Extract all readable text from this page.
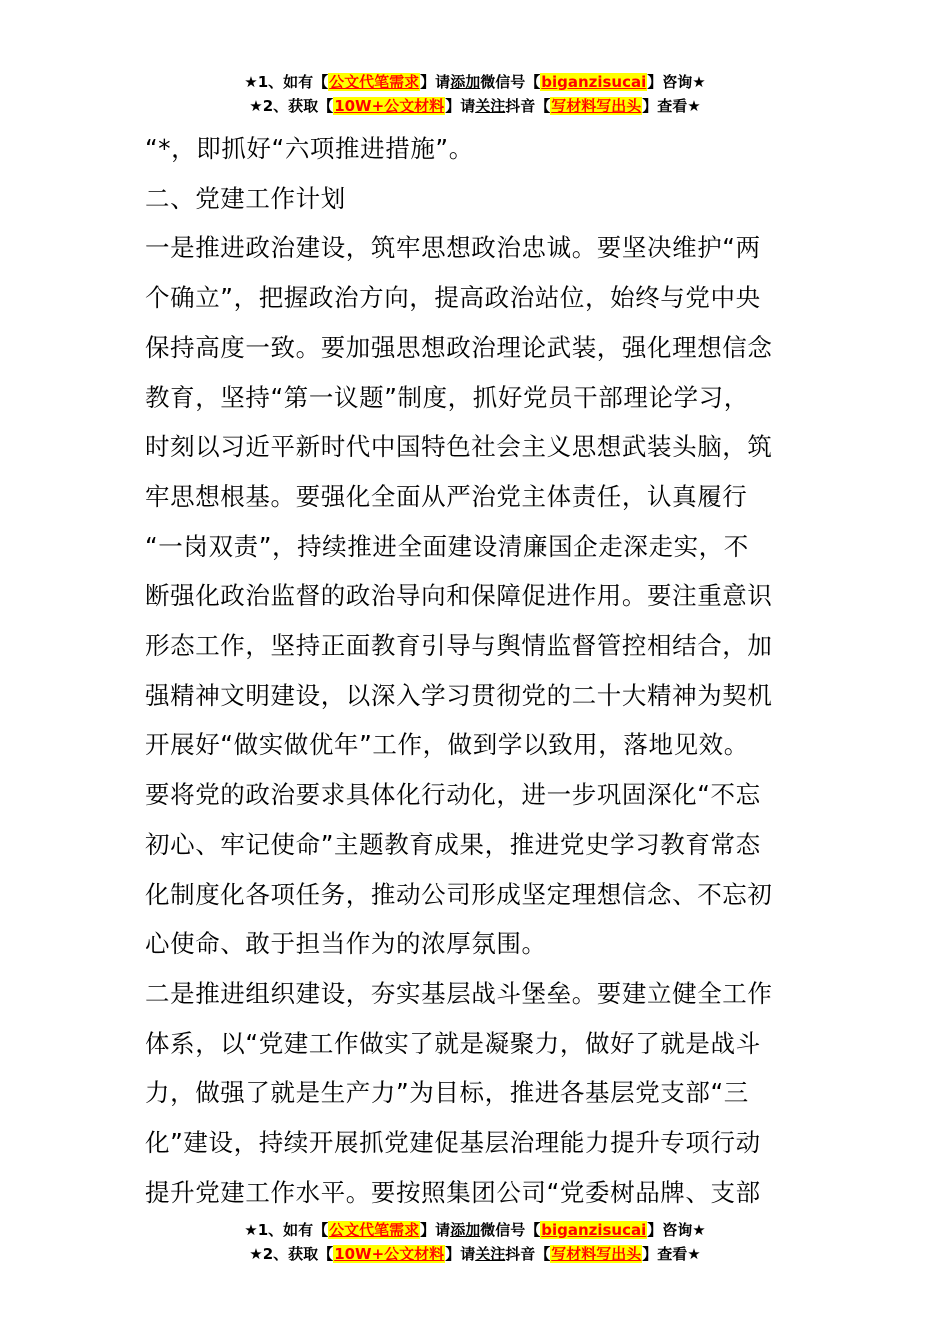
★1、如有【公文代笔需求】请添加微信号【biganzisucai】咨询★
★2、获取【10W+公文材料】请关注抖音【写材料写出头】查看★
“*，即抓好“六项推进措施”。
二、党建工作计划
一是推进政治建设，筑牢思想政治忠诚。要坚决维护“两
个确立”，把握政治方向，提高政治站位，始终与党中央
保持高度一致。要加强思想政治理论武装，强化理想信念
教育，坚持“第一议题”制度，抓好党员干部理论学习，
时刻以习近平新时代中国特色社会主义思想武装头脑，筑
牢思想根基。要强化全面从严治党主体责任，认真履行
“一岗双责”，持续推进全面建设清廉国企走深走实，不
断强化政治监督的政治导向和保障促进作用。要注重意识
形态工作，坚持正面教育引导与舆情监督管控相结合，加
强精神文明建设，以深入学习贯彻党的二十大精神为契机
开展好“做实做优年”工作，做到学以致用，落地见效。
要将党的政治要求具体化行动化，进一步巩固深化“不忘
初心、牢记使命”主题教育成果，推进党史学习教育常态
化制度化各项任务，推动公司形成坚定理想信念、不忘初
心使命、敢于担当作为的浓厚氛围。
二是推进组织建设，夯实基层战斗堡垒。要建立健全工作
体系，以“党建工作做实了就是凝聚力，做好了就是战斗
力，做强了就是生产力”为目标，推进各基层党支部“三
化”建设，持续开展抓党建促基层治理能力提升专项行动
提升党建工作水平。要按照集团公司“党委树品牌、支部
★1、如有【公文代笔需求】请添加微信号【biganzisucai】咨询★
★2、获取【10W+公文材料】请关注抖音【写材料写出头】查看★
